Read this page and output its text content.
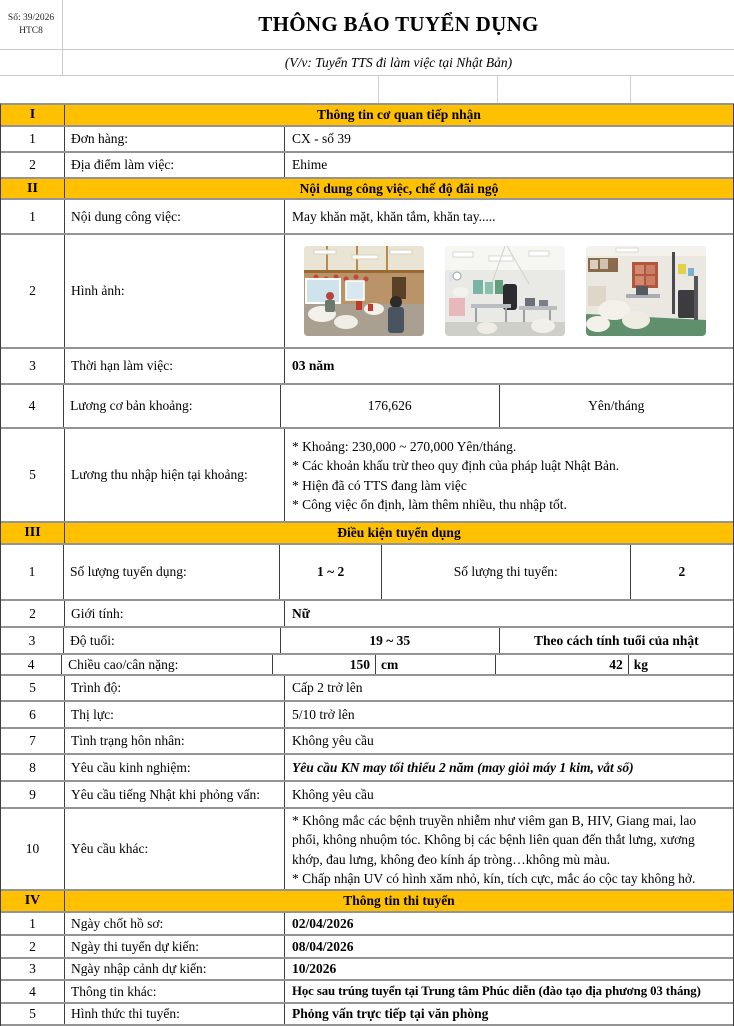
Số: 39/2026
HTC8	THÔNG BÁO TUYỂN DỤNG
(V/v: Tuyển TTS đi làm việc tại Nhật Bản)
I	Thông tin cơ quan tiếp nhận
1	Đơn hàng:	CX - số 39
2	Địa điểm làm việc:	Ehime
II	Nội dung công việc, chế độ đãi ngộ
1	Nội dung công việc:	May khăn mặt, khăn tắm, khăn tay.....
2	Hình ảnh:
3	Thời hạn làm việc:	03 năm
4	Lương cơ bản khoảng:	176,626	Yên/tháng
5	Lương thu nhập hiện tại khoảng:
* Khoảng: 230,000 ~ 270,000 Yên/tháng.
* Các khoản khấu trừ theo quy định của pháp luật Nhật Bản.
* Hiện đã có TTS đang làm việc
* Công việc ổn định, làm thêm nhiều, thu nhập tốt.
III	Điều kiện tuyển dụng
1	Số lượng tuyển dụng:	1 ~ 2	Số lượng thi tuyển:	2
2	Giới tính:	Nữ
3	Độ tuổi:	19 ~ 35	Theo cách tính tuổi của nhật
4	Chiều cao/cân nặng:	150 cm	42 kg
5	Trình độ:	Cấp 2 trở lên
6	Thị lực:	5/10 trở lên
7	Tình trạng hôn nhân:	Không yêu cầu
8	Yêu cầu kinh nghiệm:	Yêu cầu KN may tối thiểu 2 năm (may giỏi máy 1 kim, vắt sổ)
9	Yêu cầu tiếng Nhật khi phỏng vấn:	Không yêu cầu
10	Yêu cầu khác:
* Không mắc các bệnh truyền nhiễm như viêm gan B, HIV, Giang mai, lao phổi, không nhuộm tóc. Không bị các bệnh liên quan đến thắt lưng, xương khớp, đau lưng, không đeo kính áp tròng…không mù màu.
* Chấp nhận UV có hình xăm nhỏ, kín, tích cực, mắc áo cộc tay không hở.
IV	Thông tin thi tuyển
1	Ngày chốt hồ sơ:	02/04/2026
2	Ngày thi tuyển dự kiến:	08/04/2026
3	Ngày nhập cảnh dự kiến:	10/2026
4	Thông tin khác:	Học sau trúng tuyển tại Trung tâm Phúc diễn (đào tạo địa phương 03 tháng)
5	Hình thức thi tuyển:	Phỏng vấn trực tiếp tại văn phòng
